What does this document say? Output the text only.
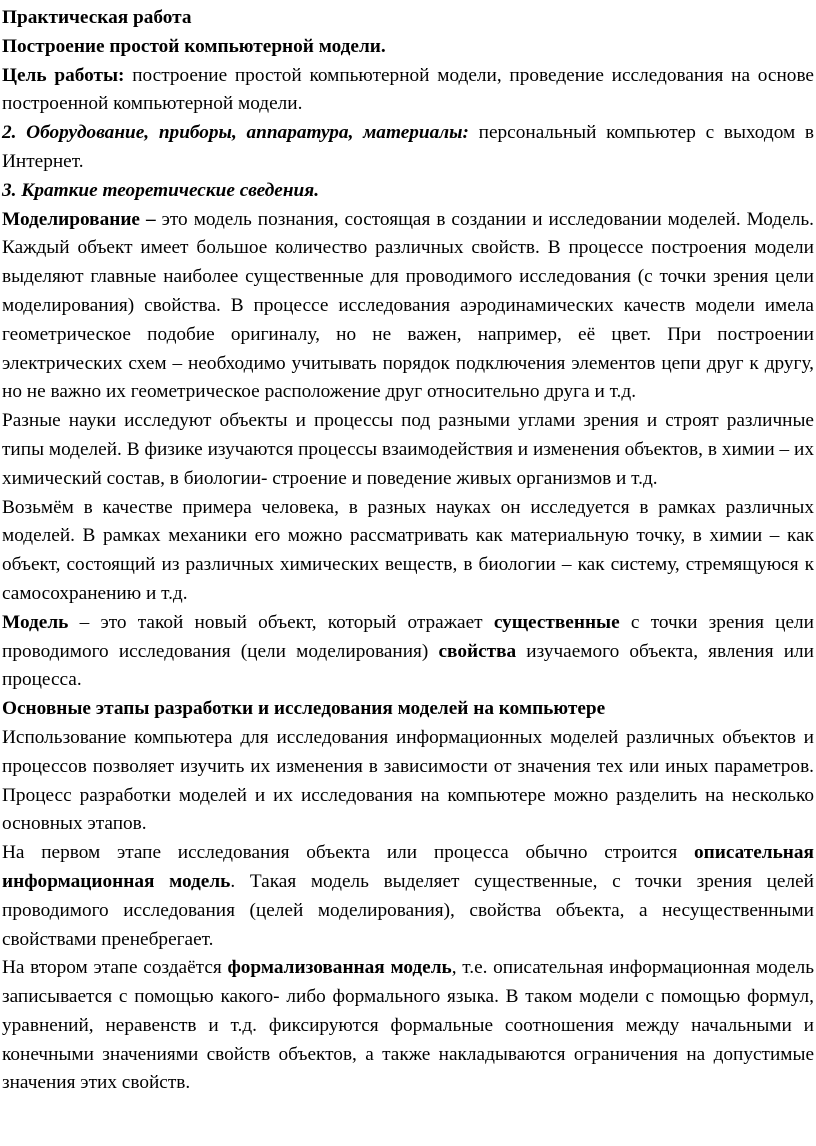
Практическая работа

Построение простой компьютерной модели.

Цель работы: построение простой компьютерной модели, проведение исследования на основе построенной компьютерной модели.

2. Оборудование, приборы, аппаратура, материалы: персональный компьютер с выходом в Интернет.

3. Краткие теоретические сведения.

Моделирование – это модель познания, состоящая в создании и исследовании моделей. Модель. Каждый объект имеет большое количество различных свойств. В процессе построения модели выделяют главные наиболее существенные для проводимого исследования (с точки зрения цели моделирования) свойства. В процессе исследования аэродинамических качеств модели имела геометрическое подобие оригиналу, но не важен, например, её цвет. При построении электрических схем – необходимо учитывать порядок подключения элементов цепи друг к другу, но не важно их геометрическое расположение друг относительно друга и т.д.

Разные науки исследуют объекты и процессы под разными углами зрения и строят различные типы моделей. В физике изучаются процессы взаимодействия и изменения объектов, в химии – их химический состав, в биологии- строение и поведение живых организмов и т.д.

Возьмём в качестве примера человека, в разных науках он исследуется в рамках различных моделей. В рамках механики его можно рассматривать как материальную точку, в химии – как объект, состоящий из различных химических веществ, в биологии – как систему, стремящуюся к самосохранению и т.д.

Модель – это такой новый объект, который отражает существенные с точки зрения цели проводимого исследования (цели моделирования) свойства изучаемого объекта, явления или процесса.

Основные этапы разработки и исследования моделей на компьютере

Использование компьютера для исследования информационных моделей различных объектов и процессов позволяет изучить их изменения в зависимости от значения тех или иных параметров. Процесс разработки моделей и их исследования на компьютере можно разделить на несколько основных этапов.

На первом этапе исследования объекта или процесса обычно строится описательная информационная модель. Такая модель выделяет существенные, с точки зрения целей проводимого исследования (целей моделирования), свойства объекта, а несущественными свойствами пренебрегает.

На втором этапе создаётся формализованная модель, т.е. описательная информационная модель записывается с помощью какого- либо формального языка. В таком модели с помощью формул, уравнений, неравенств и т.д. фиксируются формальные соотношения между начальными и конечными значениями свойств объектов, а также накладываются ограничения на допустимые значения этих свойств.
